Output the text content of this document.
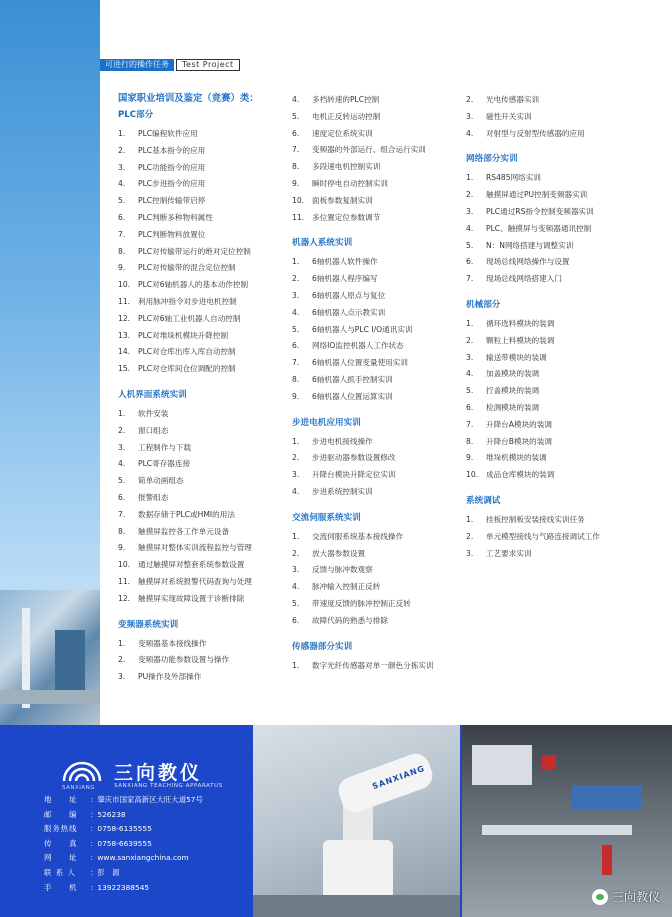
可进行的操作任务	Test Project
国家职业培训及鉴定（竞赛）类：
PLC部分
1. PLC编程软件应用
2. PLC基本指令的应用
3. PLC功能指令的应用
4. PLC步进指令的应用
5. PLC控制传输带启停
6. PLC判断多种物料属性
7. PLC判断物料放置位
8. PLC对传输带运行的绝对定位控制
9. PLC对传输带的混合定位控制
10. PLC对6轴机器人的基本动作控制
11. 利用脉冲指令对步进电机控制
12. PLC对6轴工业机器人自动控制
13. PLC对堆垛机模块升降控制
14. PLC对仓库出库入库自动控制
15. PLC对仓库间仓位调配的控制
人机界面系统实训
1. 软件安装
2. 窗口组态
3. 工程制作与下载
4. PLC寄存器连接
5. 简单动画组态
6. 报警组态
7. 数据存储于PLC或HMI的用法
8. 触摸屏监控各工作单元设备
9. 触摸屏对整体实训流程监控与管理
10. 通过触摸屏对整套系统参数设置
11. 触摸屏对系统报警代码查询与处理
12. 触摸屏实现故障设置于诊断排除
变频器系统实训
1. 变频器基本接线操作
2. 变频器功能参数设置与操作
3. PU操作及外部操作
4. 多档转速的PLC控制
5. 电机正反转运动控制
6. 速度定位系统实训
7. 变频器的外部运行、组合运行实训
8. 多段速电机控制实训
9. 瞬时停电自动控制实训
10. 面板参数复制实训
11. 多位置定位参数调节
机器人系统实训
1. 6轴机器人软件操作
2. 6轴机器人程序编写
3. 6轴机器人原点与复位
4. 6轴机器人点示教实训
5. 6轴机器人与PLC I/O通讯实训
6. 网络IO监控机器人工作状态
7. 6轴机器人位置变量使用实训
8. 6轴机器人抓手控制实训
9. 6轴机器人位置运算实训
步进电机应用实训
1. 步进电机接线操作
2. 步进驱动器参数设置修改
3. 升降台模块升降定位实训
4. 步进系统控制实训
交流伺服系统实训
1. 交流伺服系统基本接线操作
2. 放大器参数设置
3. 反馈与脉冲数观察
4. 脉冲输入控制正反转
5. 带速度反馈的脉冲控制正反转
6. 故障代码的熟悉与排除
传感器部分实训
1. 数字光纤传感器对单一颜色分拣实训
2. 光电传感器实训
3. 磁性开关实训
4. 对射型与反射型传感器的应用
网络部分实训
1. RS485网络实训
2. 触摸屏通过PU控制变频器实训
3. PLC通过RS指令控制变频器实训
4. PLC、触摸屏与变频器通讯控制
5. N：N网络搭建与调整实训
6. 现场总线网络操作与设置
7. 现场总线网络搭建入门
机械部分
1. 循环选料模块的装调
2. 颗粒上料模块的装调
3. 输送带模块的装调
4. 加盖模块的装调
5. 拧盖模块的装调
6. 检测模块的装调
7. 升降台A模块的装调
8. 升降台B模块的装调
9. 堆垛机模块的装调
10. 成品仓库模块的装调
系统调试
1. 挂板控制板安装接线实训任务
2. 单元模型接线与气路连接调试工作
3. 工艺要求实训
三向教仪
SANXIANG	SANXIANG TEACHING APPARATUS
地　　址	：肇庆市国家高新区大旺大道57号
邮　　编	：526238
服务热线	：0758-6135555
传　　真	：0758-6639555
网　　址	：www.sanxiangchina.com
联 系 人	：彭　源
手　　机	：13922388545
SANXIANG
三向教仪
